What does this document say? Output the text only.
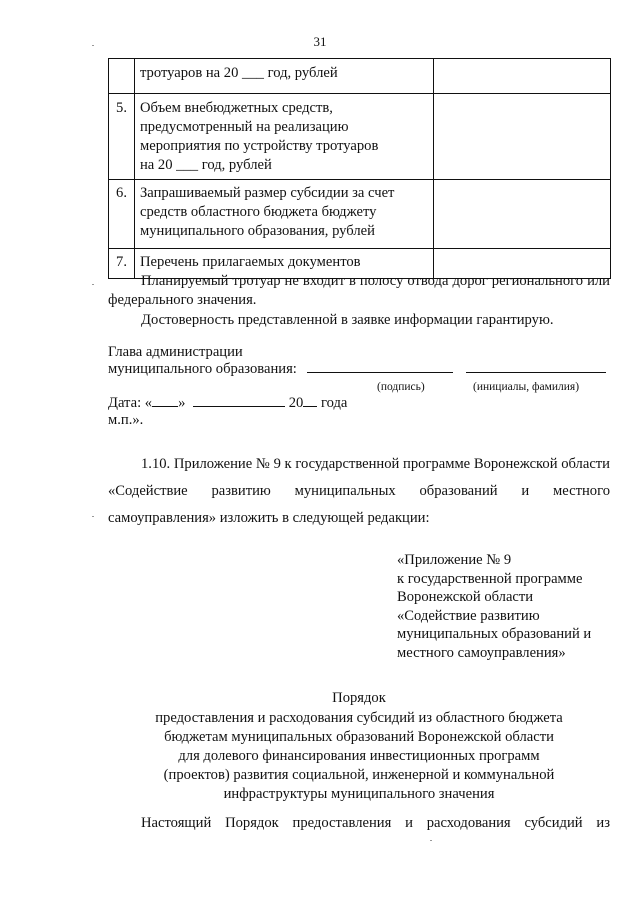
31

	тротуаров на 20 ___ год, рублей	

5.	Объем внебюджетных средств,
предусмотренный на реализацию
мероприятия по устройству тротуаров
на 20 ___ год, рублей	

6.	Запрашиваемый размер субсидии за счет
средств областного бюджета бюджету
муниципального образования, рублей	

7.	Перечень прилагаемых документов	

Планируемый тротуар не входит в полосу отвода дорог регионального или федерального значения.
Достоверность представленной в заявке информации гарантирую.
Глава администрации
муниципального образования:
(подпись)	(инициалы, фамилия)
Дата: « »	20 года
м.п.».
1.10. Приложение № 9 к государственной программе Воронежской области «Содействие развитию муниципальных образований и местного самоуправления» изложить в следующей редакции:
«Приложение № 9
к государственной программе
Воронежской области
«Содействие развитию
муниципальных образований и
местного самоуправления»
Порядок
предоставления и расходования субсидий из областного бюджета
бюджетам муниципальных образований Воронежской области
для долевого финансирования инвестиционных программ
(проектов) развития социальной, инженерной и коммунальной
инфраструктуры муниципального значения
Настоящий Порядок предоставления и расходования субсидий из
